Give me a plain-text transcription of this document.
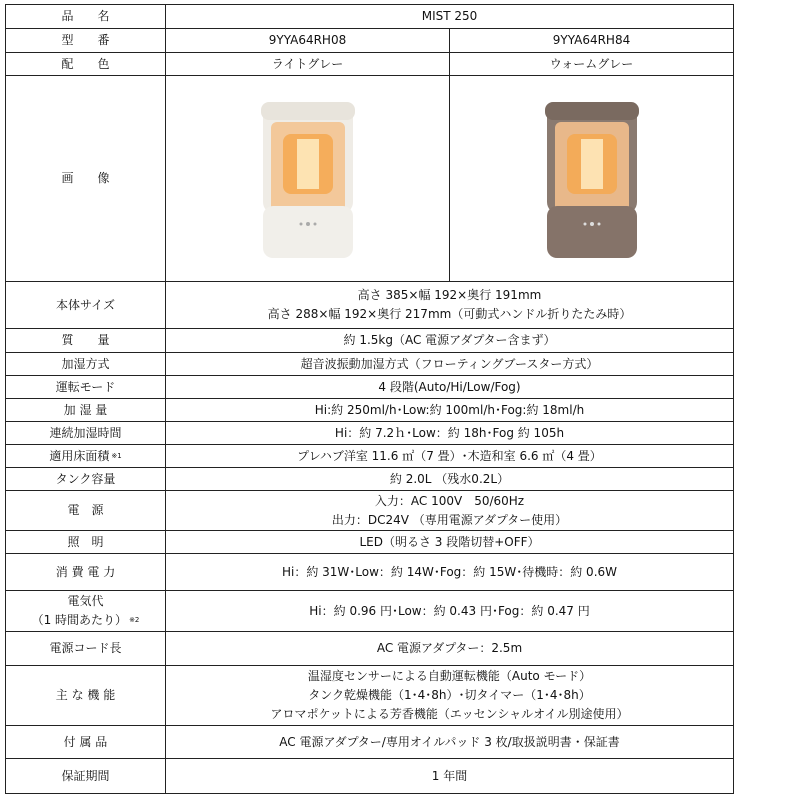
品　　名	MIST 250	
型　　番	9YYA64RH08	9YYA64RH84
配　　色	ライトグレー	ウォームグレー
画　　像	

本体サイズ	高さ 385×幅 192×奥行 191mm
高さ 288×幅 192×奥行 217mm（可動式ハンドル折りたたみ時）	

質　　量	約 1.5kg（AC 電源アダプター含まず）	
加湿方式	超音波振動加湿方式（フローティングブースター方式）	
運転モード	4 段階(Auto/Hi/Low/Fog)	
加 湿 量	Hi:約 250ml/h･Low:約 100ml/h･Fog:約 18ml/h	
連続加湿時間	Hi：約 7.2ｈ･Low：約 18h･Fog 約 105h	
適用床面積 $^{※1}$	プレハブ洋室 11.6 ㎡（7 畳）･木造和室 6.6 ㎡（4 畳）	
タンク容量	約 2.0L （残水0.2L）	
電　源	入力：AC 100V　50/60Hz
出力：DC24V （専用電源アダプター使用）	

照　明	LED（明るさ 3 段階切替+OFF）	
消 費 電 力	Hi：約 31W･Low：約 14W･Fog：約 15W･待機時：約 0.6W	

電気代
（1 時間あたり） $^{※2}$	Hi：約 0.96 円･Low：約 0.43 円･Fog：約 0.47 円	
電源コード長	AC 電源アダプター：2.5m	
主 な 機 能	温湿度センサーによる自動運転機能（Auto モード）
タンク乾燥機能（1･4･8h）･切タイマー（1･4･8h）
アロマポケットによる芳香機能（エッセンシャルオイル別途使用）	

付 属 品	AC 電源アダプター/専用オイルパッド 3 枚/取扱説明書・保証書	
保証期間	1 年間	
